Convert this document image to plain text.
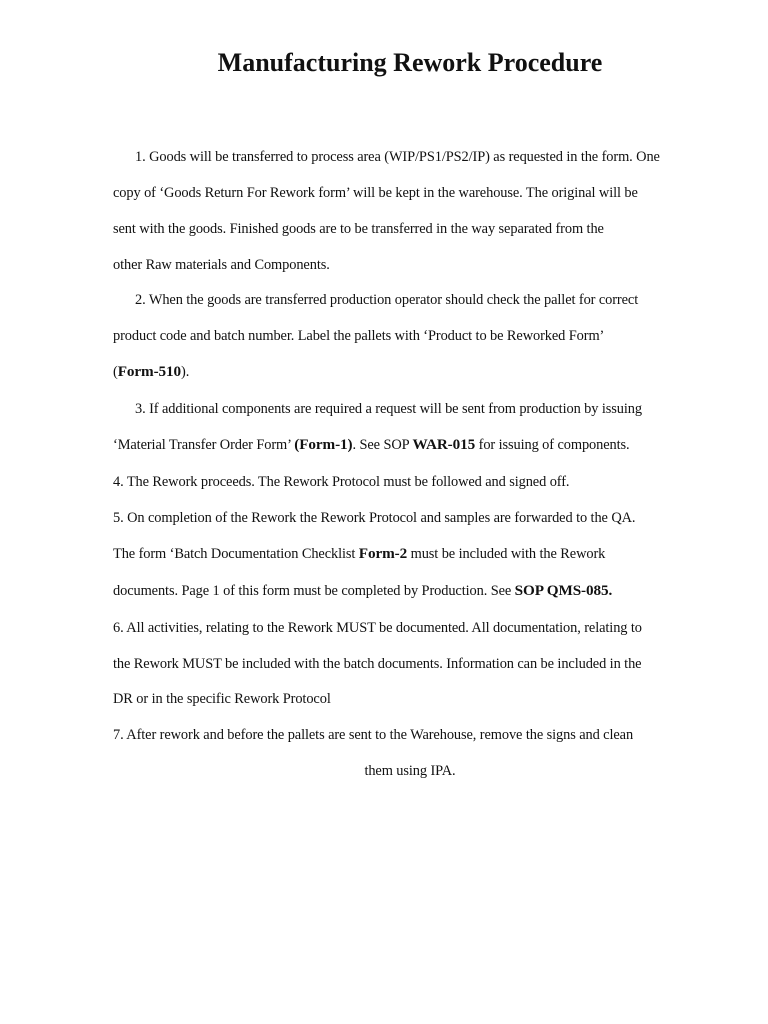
Manufacturing Rework Procedure
1. Goods will be transferred to process area (WIP/PS1/PS2/IP) as requested in the form. One
copy of ‘Goods Return For Rework form’ will be kept in the warehouse. The original will be
sent with the goods. Finished goods are to be transferred in the way separated from the
other Raw materials and Components.
2. When the goods are transferred production operator should check the pallet for correct
product code and batch number. Label the pallets with ‘Product to be Reworked Form’
(Form-510).
3. If additional components are required a request will be sent from production by issuing
‘Material Transfer Order Form’ (Form-1). See SOP WAR-015 for issuing of components.
4. The Rework proceeds. The Rework Protocol must be followed and signed off.
5. On completion of the Rework the Rework Protocol and samples are forwarded to the QA.
The form ‘Batch Documentation Checklist Form-2 must be included with the Rework
documents. Page 1 of this form must be completed by Production. See SOP QMS-085.
6. All activities, relating to the Rework MUST be documented. All documentation, relating to
the Rework MUST be included with the batch documents. Information can be included in the
DR or in the specific Rework Protocol
7. After rework and before the pallets are sent to the Warehouse, remove the signs and clean
them using IPA.
